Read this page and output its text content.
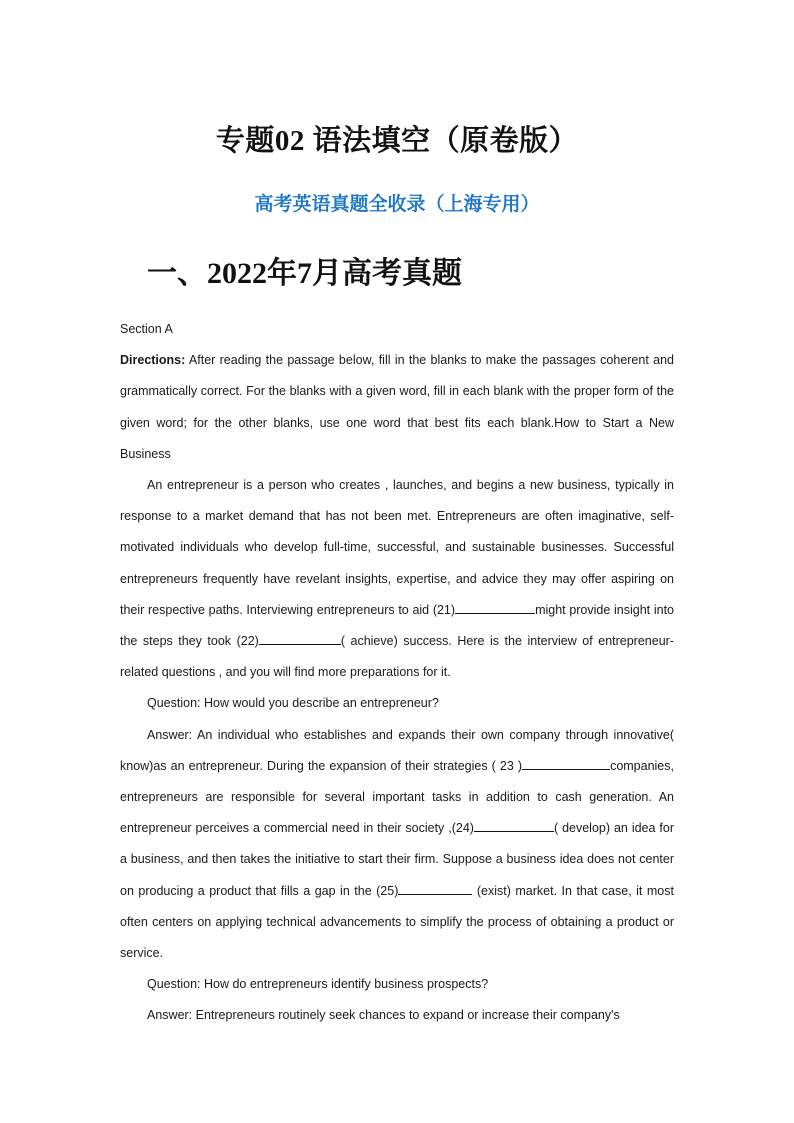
专题02 语法填空（原卷版）
高考英语真题全收录（上海专用）
一、2022年7月高考真题

Section A

Directions: After reading the passage below, fill in the blanks to make the passages coherent and grammatically correct. For the blanks with a given word, fill in each blank with the proper form of the given word; for the other blanks, use one word that best fits each blank.How to Start a New Business

An entrepreneur is a person who creates , launches, and begins a new business, typically in response to a market demand that has not been met. Entrepreneurs are often imaginative, self-motivated individuals who develop full-time, successful, and sustainable businesses. Successful entrepreneurs frequently have revelant insights, expertise, and advice they may offer aspiring on their respective paths. Interviewing entrepreneurs to aid (21)	might provide insight into the steps they took (22)	( achieve) success. Here is the interview of entrepreneur-related questions , and you will find more preparations for it.

Question: How would you describe an entrepreneur?

Answer: An individual who establishes and expands their own company through innovative( know)as an entrepreneur. During the expansion of their strategies ( 23 )	companies, entrepreneurs are responsible for several important tasks in addition to cash generation. An entrepreneur perceives a commercial need in their society ,(24)	( develop) an idea for a business, and then takes the initiative to start their firm. Suppose a business idea does not center on producing a product that fills a gap in the (25)	(exist) market. In that case, it most often centers on applying technical advancements to simplify the process of obtaining a product or service.

Question: How do entrepreneurs identify business prospects?

Answer: Entrepreneurs routinely seek chances to expand or increase their company's
